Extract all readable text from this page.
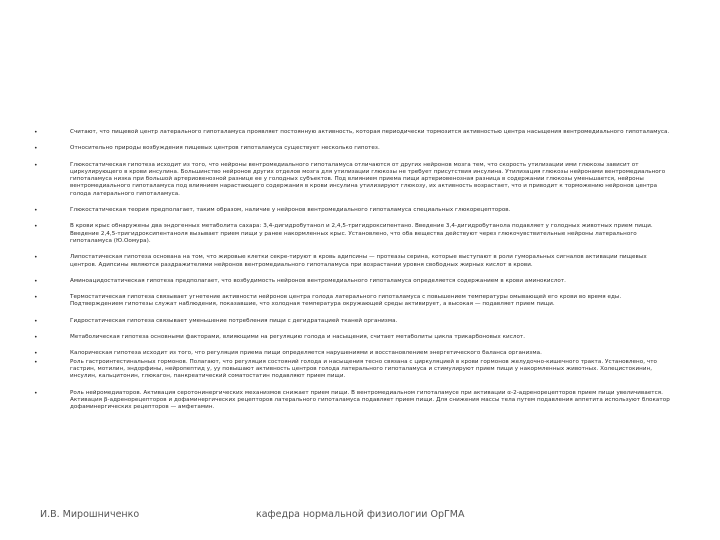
•	Считают, что пищевой центр латерального гипоталамуса проявляет постоянную активность, которая периодически тормозится активностью центра насыщения вентромедиального гипоталамуса.
•	Относительно природы возбуждения пищевых центров гипоталамуса существует несколько гипотез.
•	Глюкостатическая гипотеза исходит из того, что нейроны вентромедиального гипоталамуса отличаются от других нейронов мозга тем, что скорость утилизации ими глюкозы зависит от циркулирующего в крови инсулина. Большинство нейронов других отделов мозга для утилизации глюкозы не требует присутствия инсулина. Утилизация глюкозы нейронами вентромедиального гипоталамуса низка при большой артериовенозной разнице ее у голодных субъектов. Под влиянием приема пищи артериовенозная разница в содержании глюкозы уменьшается, нейроны вентромедиального гипоталамуса под влиянием нарастающего содержания в крови инсулина утилизируют глюкозу, их активность возрастает, что и приводит к торможению нейронов центра голода латерального гипоталамуса.
•	Глюкостатическая теория предполагает, таким образом, наличие у нейронов вентромедиального гипоталамуса специальных глюкорецепторов.
•	В крови крыс обнаружены два эндогенных метаболита сахара: 3,4-дигидробутанол и 2,4,5-тригидроксипентано. Введение 3,4-дигидробутанола подавляет у голодных животных прием пищи. Введение 2,4,5-тригидроксипентаноля вызывает прием пищи у ранее накормленных крыс. Установлено, что оба вещества действуют через глюкочувствительные нейроны латерального гипоталамуса (Ю.Оомура).
•	Липостатическая гипотеза основана на том, что жировые клетки секре-тируют в кровь адипсины — протеазы серина, которые выступают в роли гуморальных сигналов активации пищевых центров. Адипсины являются раздражителями нейронов вентромедиального гипоталамуса при возрастании уровня свободных жирных кислот в крови.
•	Аминоацидостатическая гипотеза предполагает, что возбудимость нейронов вентромедиального гипоталамуса определяется содержанием в крови аминокислот.
•	Термостатическая гипотеза связывает угнетение активности нейронов центра голода латерального гипоталамуса с повышением температуры омывающей его крови во время еды. Подтверждением гипотезы служат наблюдения, показавшие, что холодная температура окружающей среды активирует, а высокая — подавляет прием пищи.
•	Гидростатическая гипотеза связывает уменьшение потребления пищи с дегидратацией тканей организма.
•	Метаболическая гипотеза основными факторами, влияющими на регуляцию голода и насыщения, считает метаболиты цикла трикарбоновых кислот.
•	Калорическая гипотеза исходит из того, что регуляция приема пищи определяется нарушениями и восстановлением энергетического баланса организма.
•	Роль гастроинтестинальных гормонов. Полагают, что регуляция состояний голода и насыщения тесно связана с циркуляцией в крови гормонов желудочно-кишечного тракта. Установлено, что гастрин, мотилин, эндорфины, нейропептид у, уу повышают активность центров голода латерального гипоталамуса и стимулируют прием пищи у накормленных животных. Холецистокинин, инсулин, кальцитонин, глюкагон, панкреатический соматостатин подавляют прием пищи.
•	Роль нейромедиаторов. Активация серотонинергических механизмов снижает прием пищи. В вентромедиальном гипоталамусе при активации α-2-адренорецепторов прием пищи увеличивается. Активация β-адренорецепторов и дофаминергических рецепторов латерального гипоталамуса подавляет прием пищи. Для снижения массы тела путем подавления аппетита используют блокатор дофаминергических рецепторов — амфетамин.
И.В. Мирошниченко	кафедра нормальной физиологии ОрГМА
